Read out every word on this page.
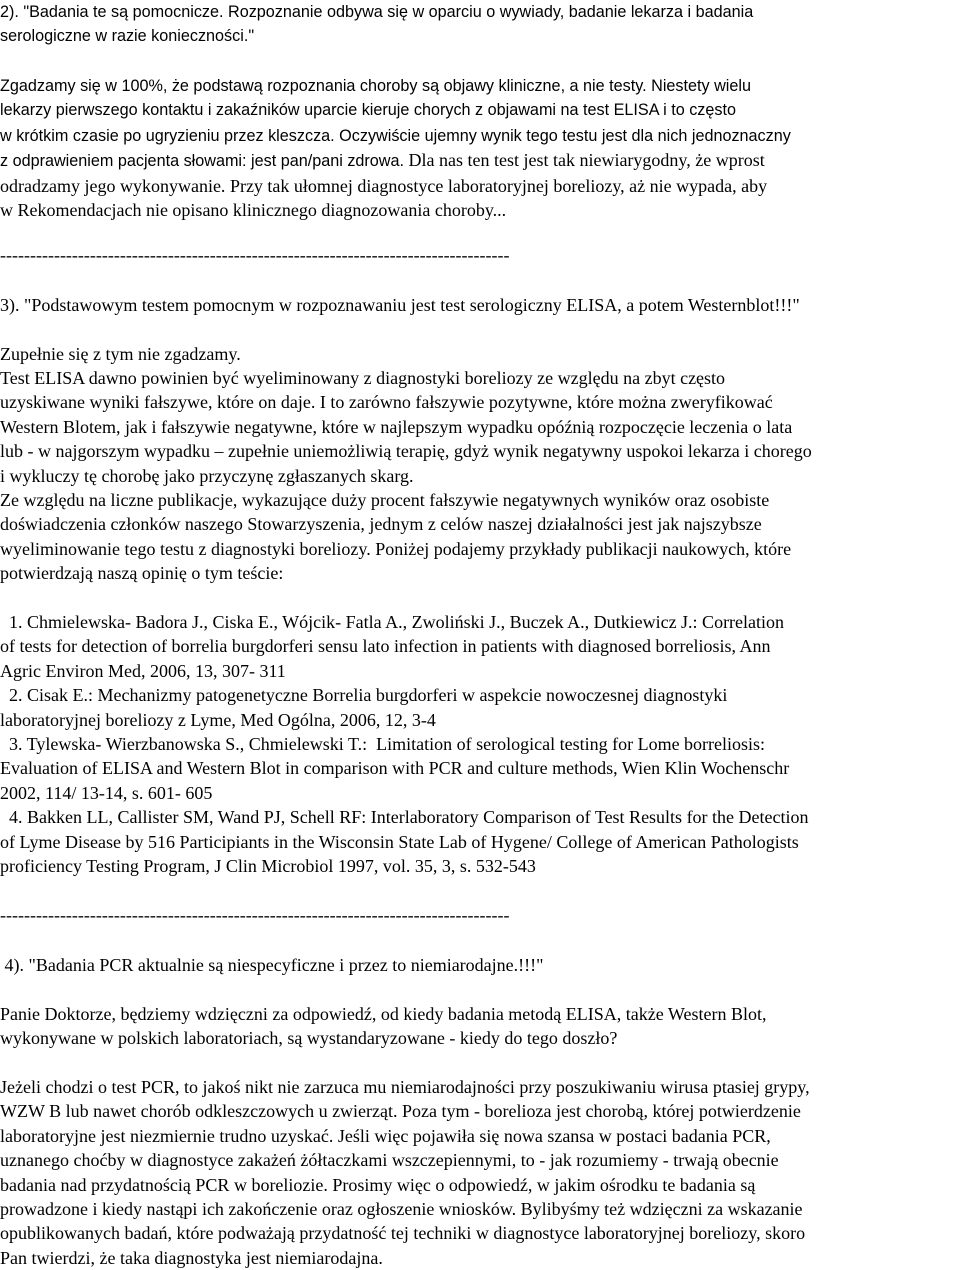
2). "Badania te są pomocnicze. Rozpoznanie odbywa się w oparciu o wywiady, badanie lekarza i badania
serologiczne w razie konieczności."
Zgadzamy się w 100%, że podstawą rozpoznania choroby są objawy kliniczne, a nie testy. Niestety wielu
lekarzy pierwszego kontaktu i zakaźników uparcie kieruje chorych z objawami na test ELISA i to często
w krótkim czasie po ugryzieniu przez kleszcza. Oczywiście ujemny wynik tego testu jest dla nich jednoznaczny
z odprawieniem pacjenta słowami: jest pan/pani zdrowa. Dla nas ten test jest tak niewiarygodny, że wprost
odradzamy jego wykonywanie. Przy tak ułomnej diagnostyce laboratoryjnej boreliozy, aż nie wypada, aby
w Rekomendacjach nie opisano klinicznego diagnozowania choroby...
-------------------------------------------------------------------------------------
3). "Podstawowym testem pomocnym w rozpoznawaniu jest test serologiczny ELISA, a potem Westernblot!!!"
Zupełnie się z tym nie zgadzamy.
Test ELISA dawno powinien być wyeliminowany z diagnostyki boreliozy ze względu na zbyt często
uzyskiwane wyniki fałszywe, które on daje. I to zarówno fałszywie pozytywne, które można zweryfikować
Western Blotem, jak i fałszywie negatywne, które w najlepszym wypadku opóźnią rozpoczęcie leczenia o lata
lub - w najgorszym wypadku – zupełnie uniemożliwią terapię, gdyż wynik negatywny uspokoi lekarza i chorego
i wykluczy tę chorobę jako przyczynę zgłaszanych skarg.
Ze względu na liczne publikacje, wykazujące duży procent fałszywie negatywnych wyników oraz osobiste
doświadczenia członków naszego Stowarzyszenia, jednym z celów naszej działalności jest jak najszybsze
wyeliminowanie tego testu z diagnostyki boreliozy. Poniżej podajemy przykłady publikacji naukowych, które
potwierdzają naszą opinię o tym teście:
1. Chmielewska- Badora J., Ciska E., Wójcik- Fatla A., Zwoliński J., Buczek A., Dutkiewicz J.: Correlation
of tests for detection of borrelia burgdorferi sensu lato infection in patients with diagnosed borreliosis, Ann
Agric Environ Med, 2006, 13, 307- 311
2. Cisak E.: Mechanizmy patogenetyczne Borrelia burgdorferi w aspekcie nowoczesnej diagnostyki
laboratoryjnej boreliozy z Lyme, Med Ogólna, 2006, 12, 3-4
3. Tylewska- Wierzbanowska S., Chmielewski T.:  Limitation of serological testing for Lome borreliosis:
Evaluation of ELISA and Western Blot in comparison with PCR and culture methods, Wien Klin Wochenschr
2002, 114/ 13-14, s. 601- 605
4. Bakken LL, Callister SM, Wand PJ, Schell RF: Interlaboratory Comparison of Test Results for the Detection
of Lyme Disease by 516 Participiants in the Wisconsin State Lab of Hygene/ College of American Pathologists
proficiency Testing Program, J Clin Microbiol 1997, vol. 35, 3, s. 532-543
-------------------------------------------------------------------------------------
4). "Badania PCR aktualnie są niespecyficzne i przez to niemiarodajne.!!!"
Panie Doktorze, będziemy wdzięczni za odpowiedź, od kiedy badania metodą ELISA, także Western Blot,
wykonywane w polskich laboratoriach, są wystandaryzowane - kiedy do tego doszło?
Jeżeli chodzi o test PCR, to jakoś nikt nie zarzuca mu niemiarodajności przy poszukiwaniu wirusa ptasiej grypy,
WZW B lub nawet chorób odkleszczowych u zwierząt. Poza tym - borelioza jest chorobą, której potwierdzenie
laboratoryjne jest niezmiernie trudno uzyskać. Jeśli więc pojawiła się nowa szansa w postaci badania PCR,
uznanego choćby w diagnostyce zakażeń żółtaczkami wszczepiennymi, to - jak rozumiemy - trwają obecnie
badania nad przydatnością PCR w boreliozie. Prosimy więc o odpowiedź, w jakim ośrodku te badania są
prowadzone i kiedy nastąpi ich zakończenie oraz ogłoszenie wniosków. Bylibyśmy też wdzięczni za wskazanie
opublikowanych badań, które podważają przydatność tej techniki w diagnostyce laboratoryjnej boreliozy, skoro
Pan twierdzi, że taka diagnostyka jest niemiarodajna.
